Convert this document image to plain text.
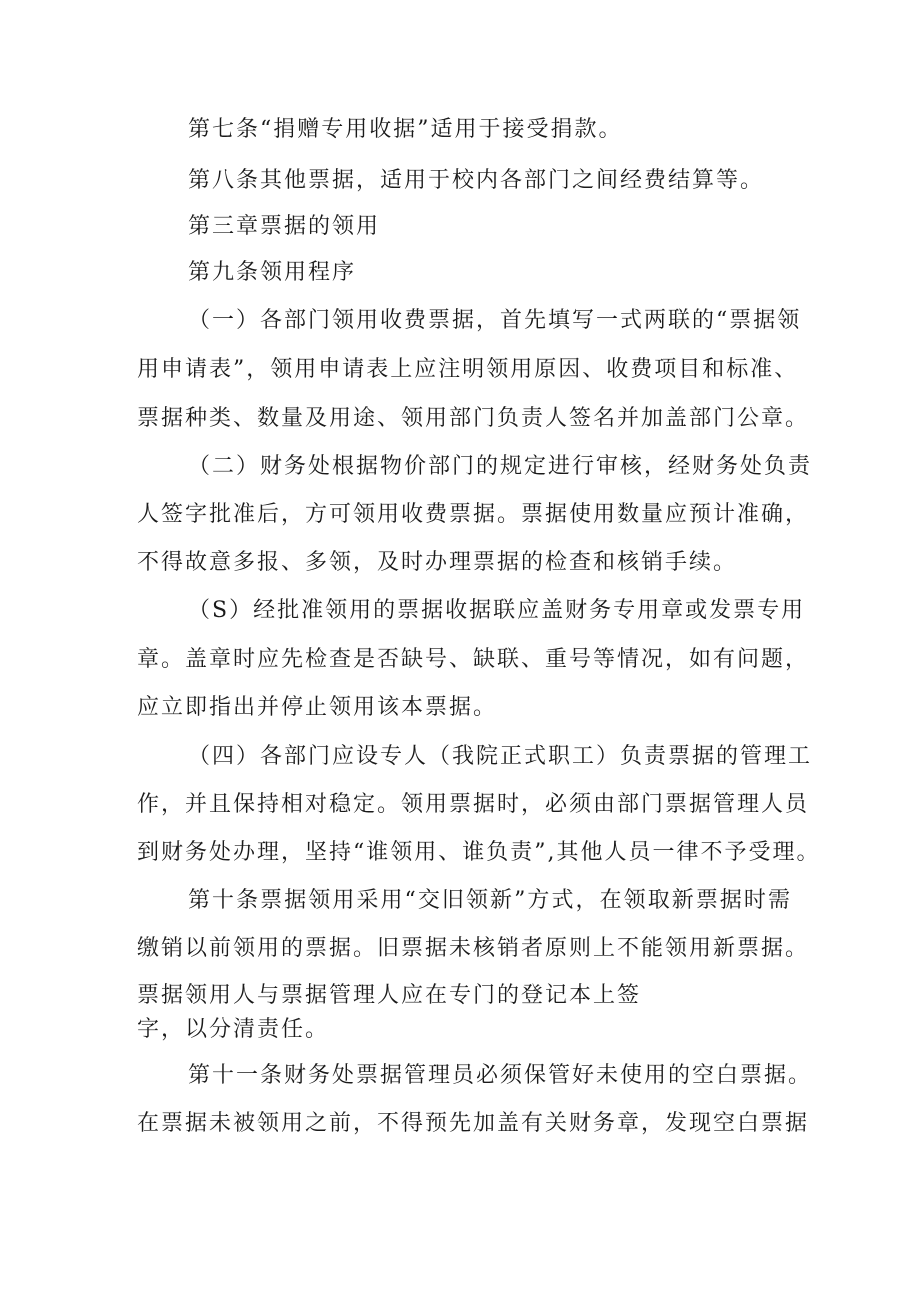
第七条“捐赠专用收据”适用于接受捐款。
第八条其他票据，适用于校内各部门之间经费结算等。
第三章票据的领用
第九条领用程序
（一）各部门领用收费票据，首先填写一式两联的“票据领
用申请表”，领用申请表上应注明领用原因、收费项目和标准、
票据种类、数量及用途、领用部门负责人签名并加盖部门公章。
（二）财务处根据物价部门的规定进行审核，经财务处负责
人签字批准后，方可领用收费票据。票据使用数量应预计准确，
不得故意多报、多领，及时办理票据的检查和核销手续。
（S）经批准领用的票据收据联应盖财务专用章或发票专用
章。盖章时应先检查是否缺号、缺联、重号等情况，如有问题，
应立即指出并停止领用该本票据。
（四）各部门应设专人（我院正式职工）负责票据的管理工
作，并且保持相对稳定。领用票据时，必须由部门票据管理人员
到财务处办理，坚持“谁领用、谁负责”,其他人员一律不予受理。
第十条票据领用采用“交旧领新”方式，在领取新票据时需
缴销以前领用的票据。旧票据未核销者原则上不能领用新票据。
票据领用人与票据管理人应在专门的登记本上签
字，以分清责任。
第十一条财务处票据管理员必须保管好未使用的空白票据。
在票据未被领用之前，不得预先加盖有关财务章，发现空白票据
